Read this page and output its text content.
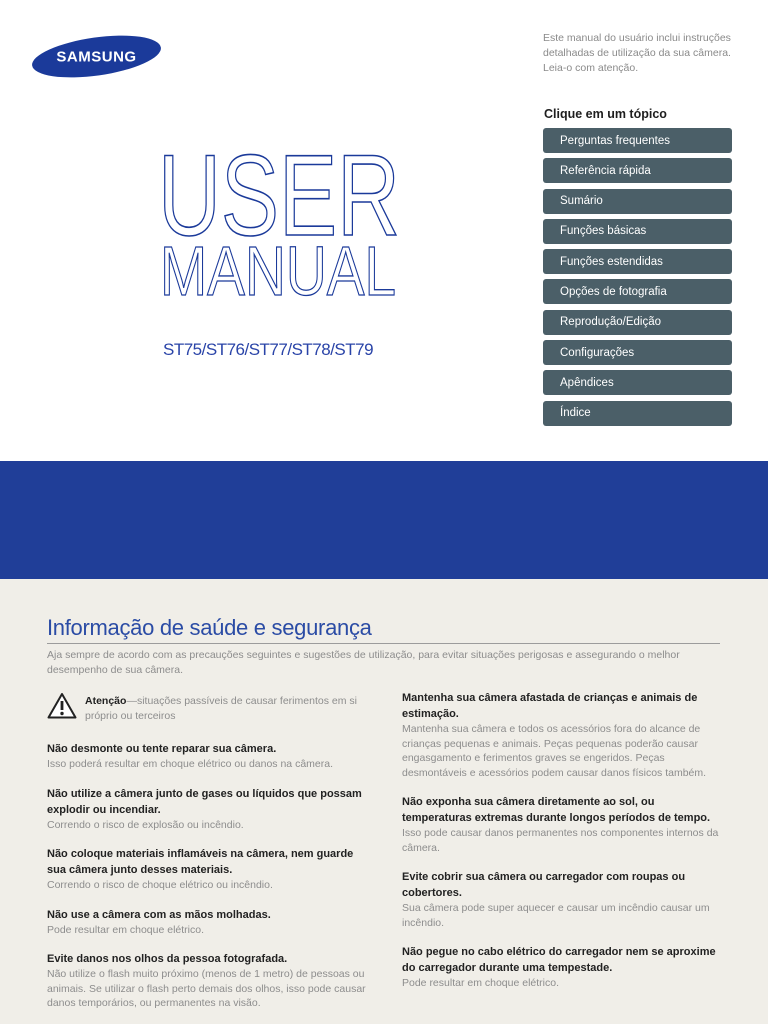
SAMSUNG
Este manual do usuário inclui instruções detalhadas de utilização da sua câmera. Leia-o com atenção.
Clique em um tópico
Perguntas frequentes
Referência rápida
Sumário
Funções básicas
Funções estendidas
Opções de fotografia
Reprodução/Edição
Configurações
Apêndices
Índice
USER
MANUAL
ST75/ST76/ST77/ST78/ST79
Informação de saúde e segurança
Aja sempre de acordo com as precauções seguintes e sugestões de utilização, para evitar situações perigosas e assegurando o melhor desempenho de sua câmera.
Atenção—situações passíveis de causar ferimentos em si próprio ou terceiros
Não desmonte ou tente reparar sua câmera.
Isso poderá resultar em choque elétrico ou danos na câmera.
Não utilize a câmera junto de gases ou líquidos que possam explodir ou incendiar.
Correndo o risco de explosão ou incêndio.
Não coloque materiais inflamáveis na câmera, nem guarde sua câmera junto desses materiais.
Correndo o risco de choque elétrico ou incêndio.
Não use a câmera com as mãos molhadas.
Pode resultar em choque elétrico.
Evite danos nos olhos da pessoa fotografada.
Não utilize o flash muito próximo (menos de 1 metro) de pessoas ou animais. Se utilizar o flash perto demais dos olhos, isso pode causar danos temporários, ou permanentes na visão.
Mantenha sua câmera afastada de crianças e animais de estimação.
Mantenha sua câmera e todos os acessórios fora do alcance de crianças pequenas e animais. Peças pequenas poderão causar engasgamento e ferimentos graves se engeridos. Peças desmontáveis e acessórios podem causar danos físicos também.
Não exponha sua câmera diretamente ao sol, ou temperaturas extremas durante longos períodos de tempo.
Isso pode causar danos permanentes nos componentes internos da câmera.
Evite cobrir sua câmera ou carregador com roupas ou cobertores.
Sua câmera pode super aquecer e causar um incêndio causar um incêndio.
Não pegue no cabo elétrico do carregador nem se aproxime do carregador durante uma tempestade.
Pode resultar em choque elétrico.
